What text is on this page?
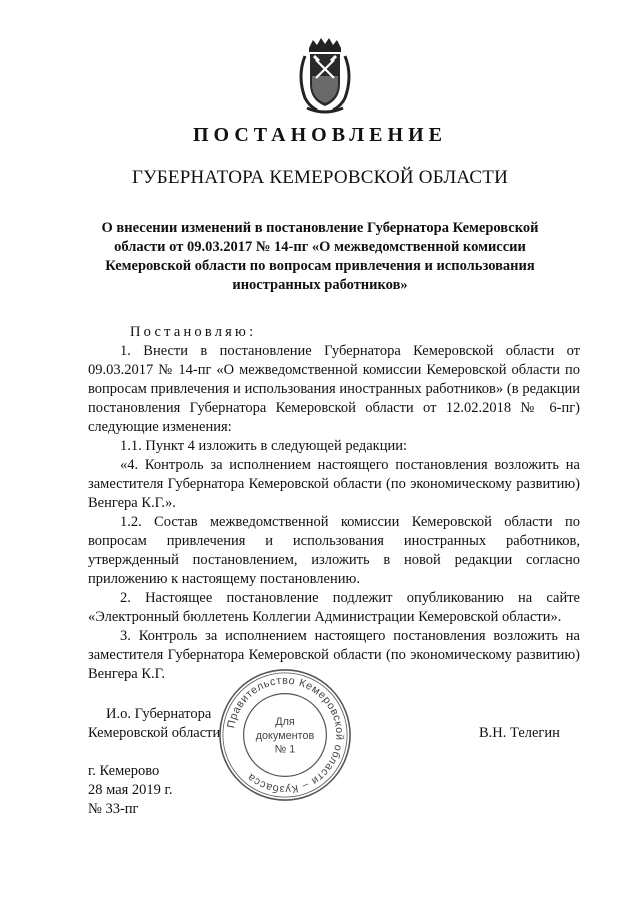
ПОСТАНОВЛЕНИЕ
ГУБЕРНАТОРА КЕМЕРОВСКОЙ ОБЛАСТИ
О внесении изменений в постановление Губернатора Кемеровской области от 09.03.2017 № 14-пг «О межведомственной комиссии Кемеровской области по вопросам привлечения и использования иностранных работников»

Постановляю:

1. Внести в постановление Губернатора Кемеровской области от 09.03.2017 № 14-пг «О межведомственной комиссии Кемеровской области по вопросам привлечения и использования иностранных работников» (в редакции постановления Губернатора Кемеровской области от 12.02.2018 № 6-пг) следующие изменения:

1.1. Пункт 4 изложить в следующей редакции:

«4. Контроль за исполнением настоящего постановления возложить на заместителя Губернатора Кемеровской области (по экономическому развитию) Венгера К.Г.».

1.2. Состав межведомственной комиссии Кемеровской области по вопросам привлечения и использования иностранных работников, утвержденный постановлением, изложить в новой редакции согласно приложению к настоящему постановлению.

2. Настоящее постановление подлежит опубликованию на сайте «Электронный бюллетень Коллегии Администрации Кемеровской области».

3. Контроль за исполнением настоящего постановления возложить на заместителя Губернатора Кемеровской области (по экономическому развитию) Венгера К.Г.

И.о. Губернатора
Кемеровской области	В.Н. Телегин
г. Кемерово
28 мая 2019 г.
№ 33-пг
Правительство Кемеровской области – Кузбасса
Для
документов
№ 1
